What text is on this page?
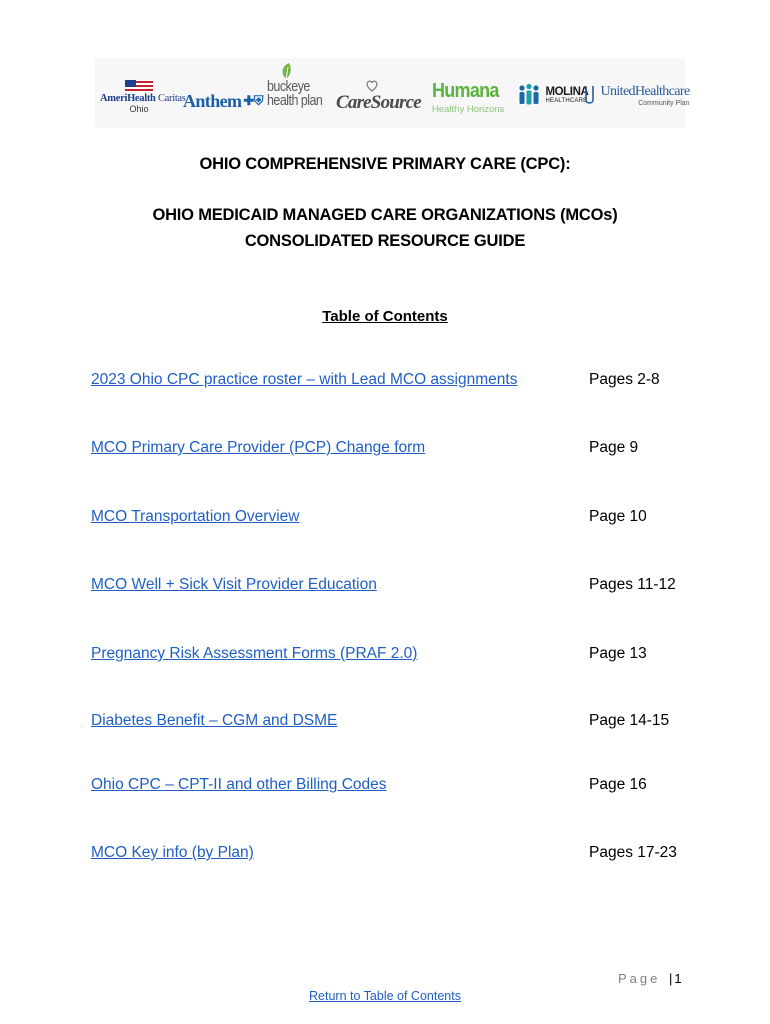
AmeriHealth Caritas
Ohio	Anthem ✚⛨
buckeye
health plan CareSource
Humana
Healthy Horizons

MOLINA
HEALTHCARE

UnitedHealthcare
Community Plan
OHIO COMPREHENSIVE PRIMARY CARE (CPC):
OHIO MEDICAID MANAGED CARE ORGANIZATIONS (MCOs)
CONSOLIDATED RESOURCE GUIDE
Table of Contents
2023 Ohio CPC practice roster – with Lead MCO assignments	Pages 2-8
MCO Primary Care Provider (PCP) Change form	Page 9
MCO Transportation Overview	Page 10
MCO Well + Sick Visit Provider Education	Pages 11-12
Pregnancy Risk Assessment Forms (PRAF 2.0)	Page 13
Diabetes Benefit – CGM and DSME	Page 14-15
Ohio CPC – CPT-II and other Billing Codes	Page 16
MCO Key info (by Plan)	Pages 17-23
Page | 1
Return to Table of Contents
